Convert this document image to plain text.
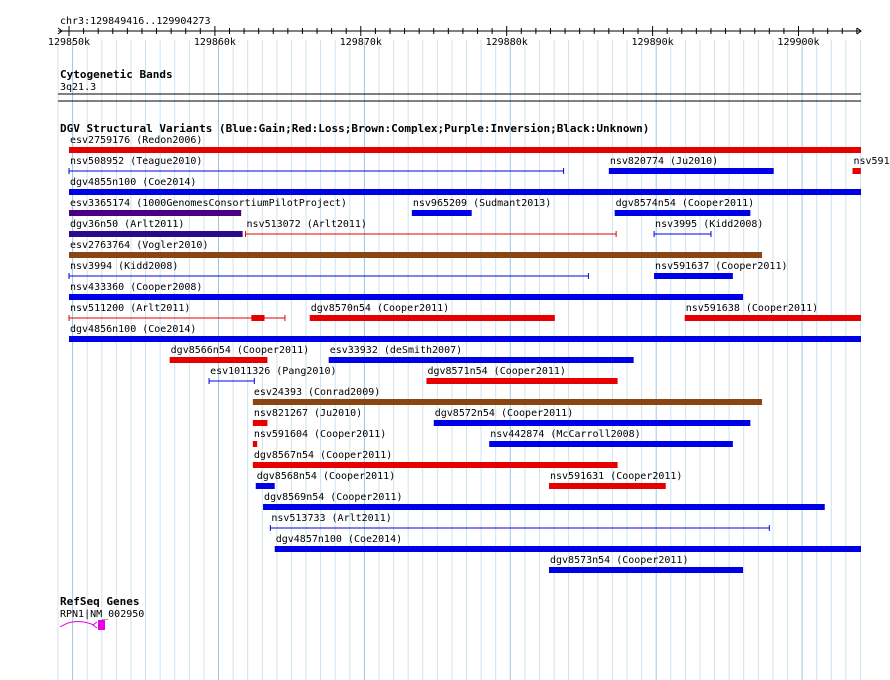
chr3:129849416..129904273
129850k	129860k	129870k	129880k	129890k	129900k
Cytogenetic Bands
3q21.3
DGV Structural Variants (Blue:Gain;Red:Loss;Brown:Complex;Purple:Inversion;Black:Unknown)
esv2759176 (Redon2006)
nsv508952 (Teague2010)	nsv820774 (Ju2010)	nsv591
dgv4855n100 (Coe2014)
esv3365174 (1000GenomesConsortiumPilotProject)	nsv965209 (Sudmant2013)	dgv8574n54 (Cooper2011)
dgv36n50 (Arlt2011)	nsv513072 (Arlt2011)	nsv3995 (Kidd2008)
esv2763764 (Vogler2010)
nsv3994 (Kidd2008)	nsv591637 (Cooper2011)
nsv433360 (Cooper2008)
nsv511200 (Arlt2011)	dgv8570n54 (Cooper2011)	nsv591638 (Cooper2011)
dgv4856n100 (Coe2014)
dgv8566n54 (Cooper2011) esv33932 (deSmith2007)
esv1011326 (Pang2010)	dgv8571n54 (Cooper2011)
esv24393 (Conrad2009)
nsv821267 (Ju2010)	dgv8572n54 (Cooper2011)
nsv591604 (Cooper2011)	nsv442874 (McCarroll2008)
dgv8567n54 (Cooper2011)
dgv8568n54 (Cooper2011)	nsv591631 (Cooper2011)
dgv8569n54 (Cooper2011)
nsv513733 (Arlt2011)
dgv4857n100 (Coe2014)
dgv8573n54 (Cooper2011)
RefSeq Genes
RPN1|NM_002950
